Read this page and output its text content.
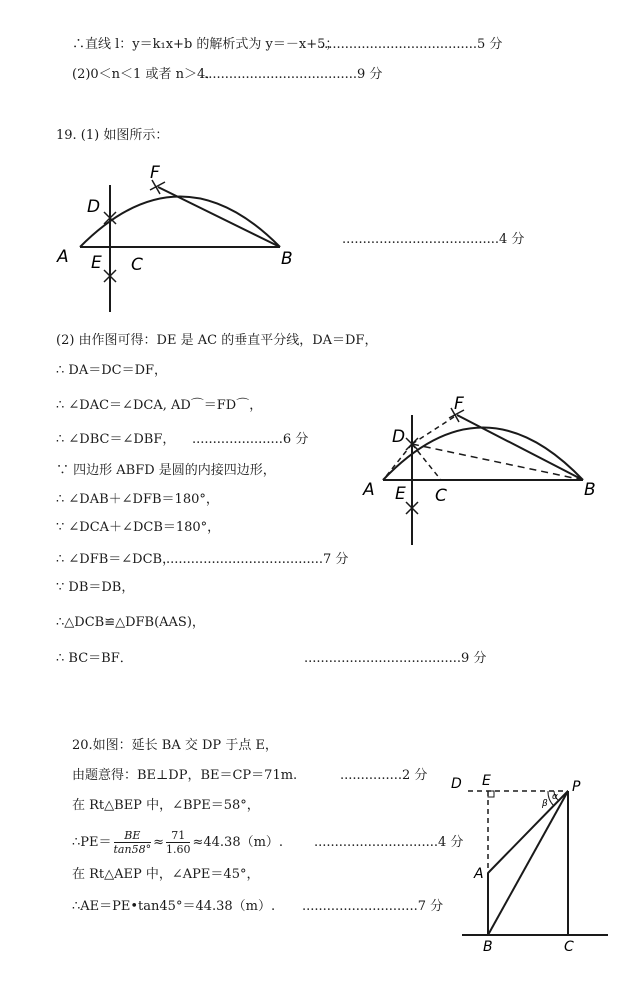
∴直线 l：y＝k₁x+b 的解析式为 y＝－x+5；
......................................5 分
(2)0＜n＜1 或者 n＞4．
......................................9 分
19. (1) 如图所示：
A	B
C
D
E
F
......................................4 分
(2) 由作图可得：DE 是 AC 的垂直平分线，DA＝DF，
∴ DA＝DC＝DF，
∴ ∠DAC＝∠DCA, AD⌒＝FD⌒，
∴ ∠DBC＝∠DBF， ......................6 分
∵ 四边形 ABFD 是圆的内接四边形，
∴ ∠DAB＋∠DFB＝180°，
∵ ∠DCA＋∠DCB＝180°，
∴ ∠DFB＝∠DCB，
......................................7 分
∵ DB＝DB，
∴△DCB≌△DFB(AAS)，
∴ BC＝BF．	......................................9 分
A	B
C
D
E
F
20.如图：延长 BA 交 DP 于点 E，
由题意得：BE⊥DP，BE＝CP＝71m.	...............2 分
在 Rt△BEP 中，∠BPE＝58°，
∴PE＝ $\frac{BE}{\tan 58^\circ} \approx \frac{71}{1.60} \approx 44.38(m)$. ..............................4 分
在 Rt△AEP 中，∠APE＝45°，
∴AE＝PE•tan45°＝44.38（m）. ............................7 分
D E	P
A
B	C
α
β
